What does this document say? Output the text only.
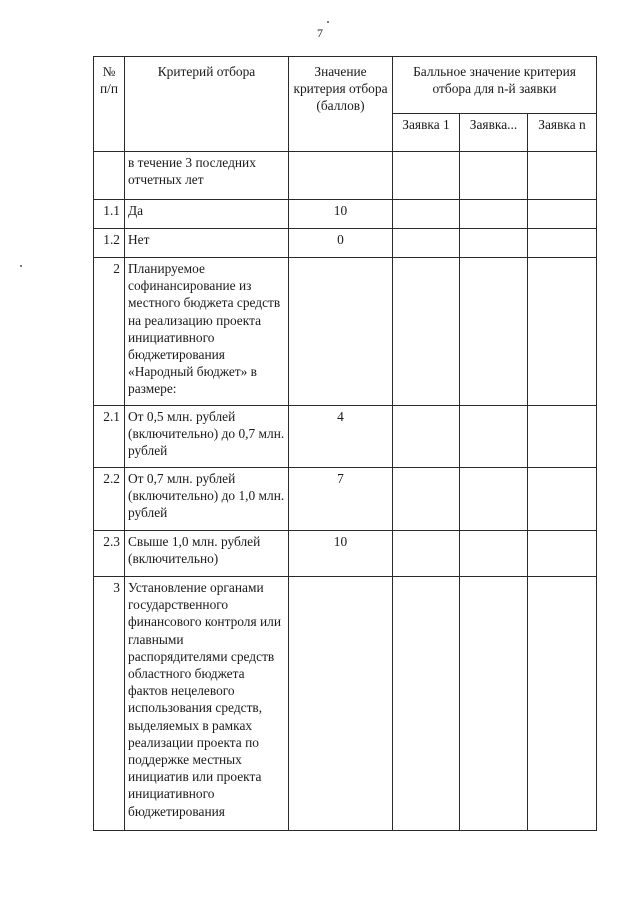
7
№ п/п	Критерий отбора	Значение критерия отбора (баллов)	Балльное значение критерия отбора для n-й заявки		
			Заявка 1	Заявка...	Заявка n
	в течение 3 последних отчетных лет				
1.1	Да	10			
1.2	Нет	0			
2	Планируемое софинансирование из местного бюджета средств на реализацию проекта инициативного бюджетирования «Народный бюджет» в размере:				
2.1	От 0,5 млн. рублей (включительно) до 0,7 млн. рублей	4			
2.2	От 0,7 млн. рублей (включительно) до 1,0 млн. рублей	7			
2.3	Свыше 1,0 млн. рублей (включительно)	10			
3	Установление органами государственного финансового контроля или главными распорядителями средств областного бюджета фактов нецелевого использования средств, выделяемых в рамках реализации проекта по поддержке местных инициатив или проекта инициативного бюджетирования				
